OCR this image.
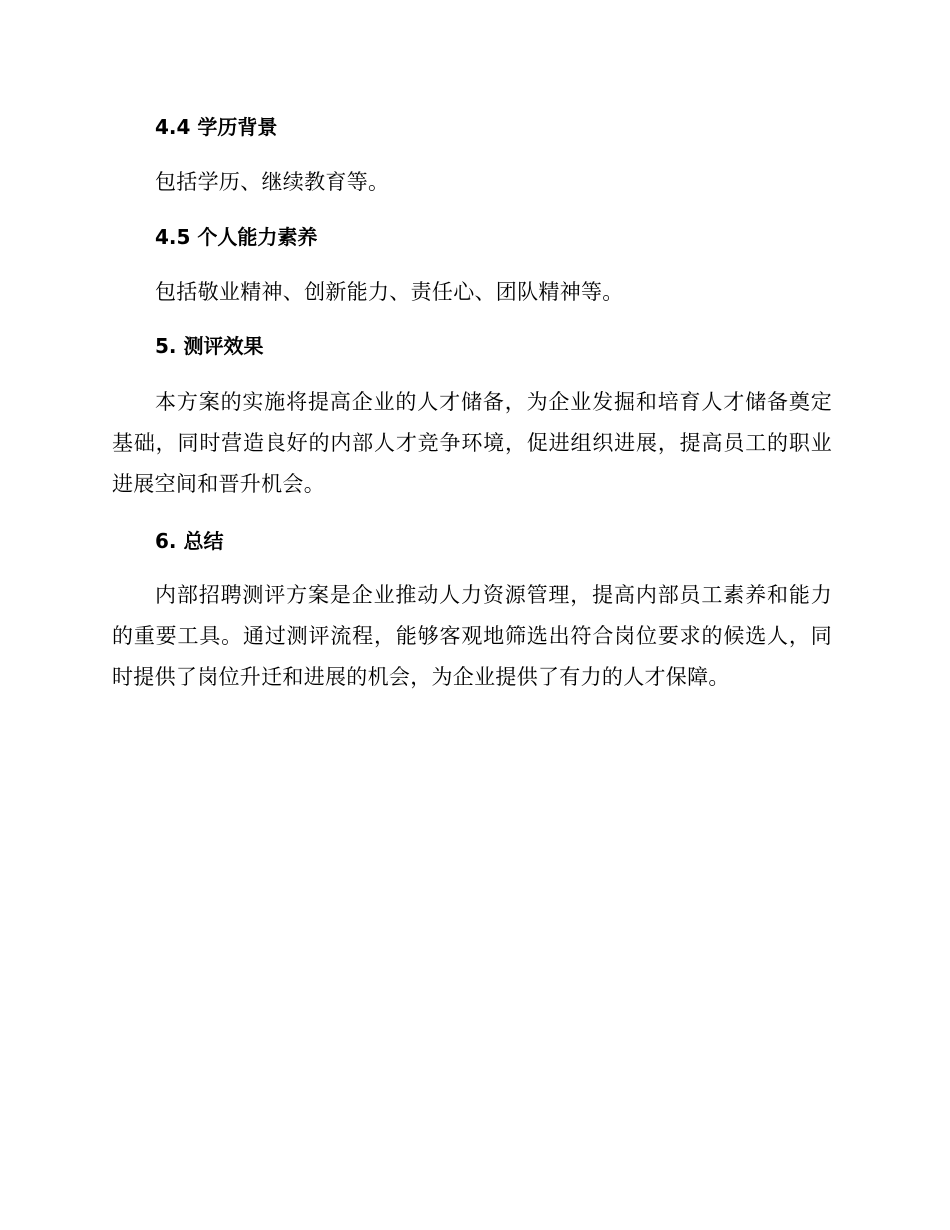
4.4 学历背景

包括学历、继续教育等。

4.5 个人能力素养

包括敬业精神、创新能力、责任心、团队精神等。

5. 测评效果

本方案的实施将提高企业的人才储备，为企业发掘和培育人才储备奠定基础，同时营造良好的内部人才竞争环境，促进组织进展，提高员工的职业进展空间和晋升机会。

6. 总结

内部招聘测评方案是企业推动人力资源管理，提高内部员工素养和能力的重要工具。通过测评流程，能够客观地筛选出符合岗位要求的候选人，同时提供了岗位升迁和进展的机会，为企业提供了有力的人才保障。
